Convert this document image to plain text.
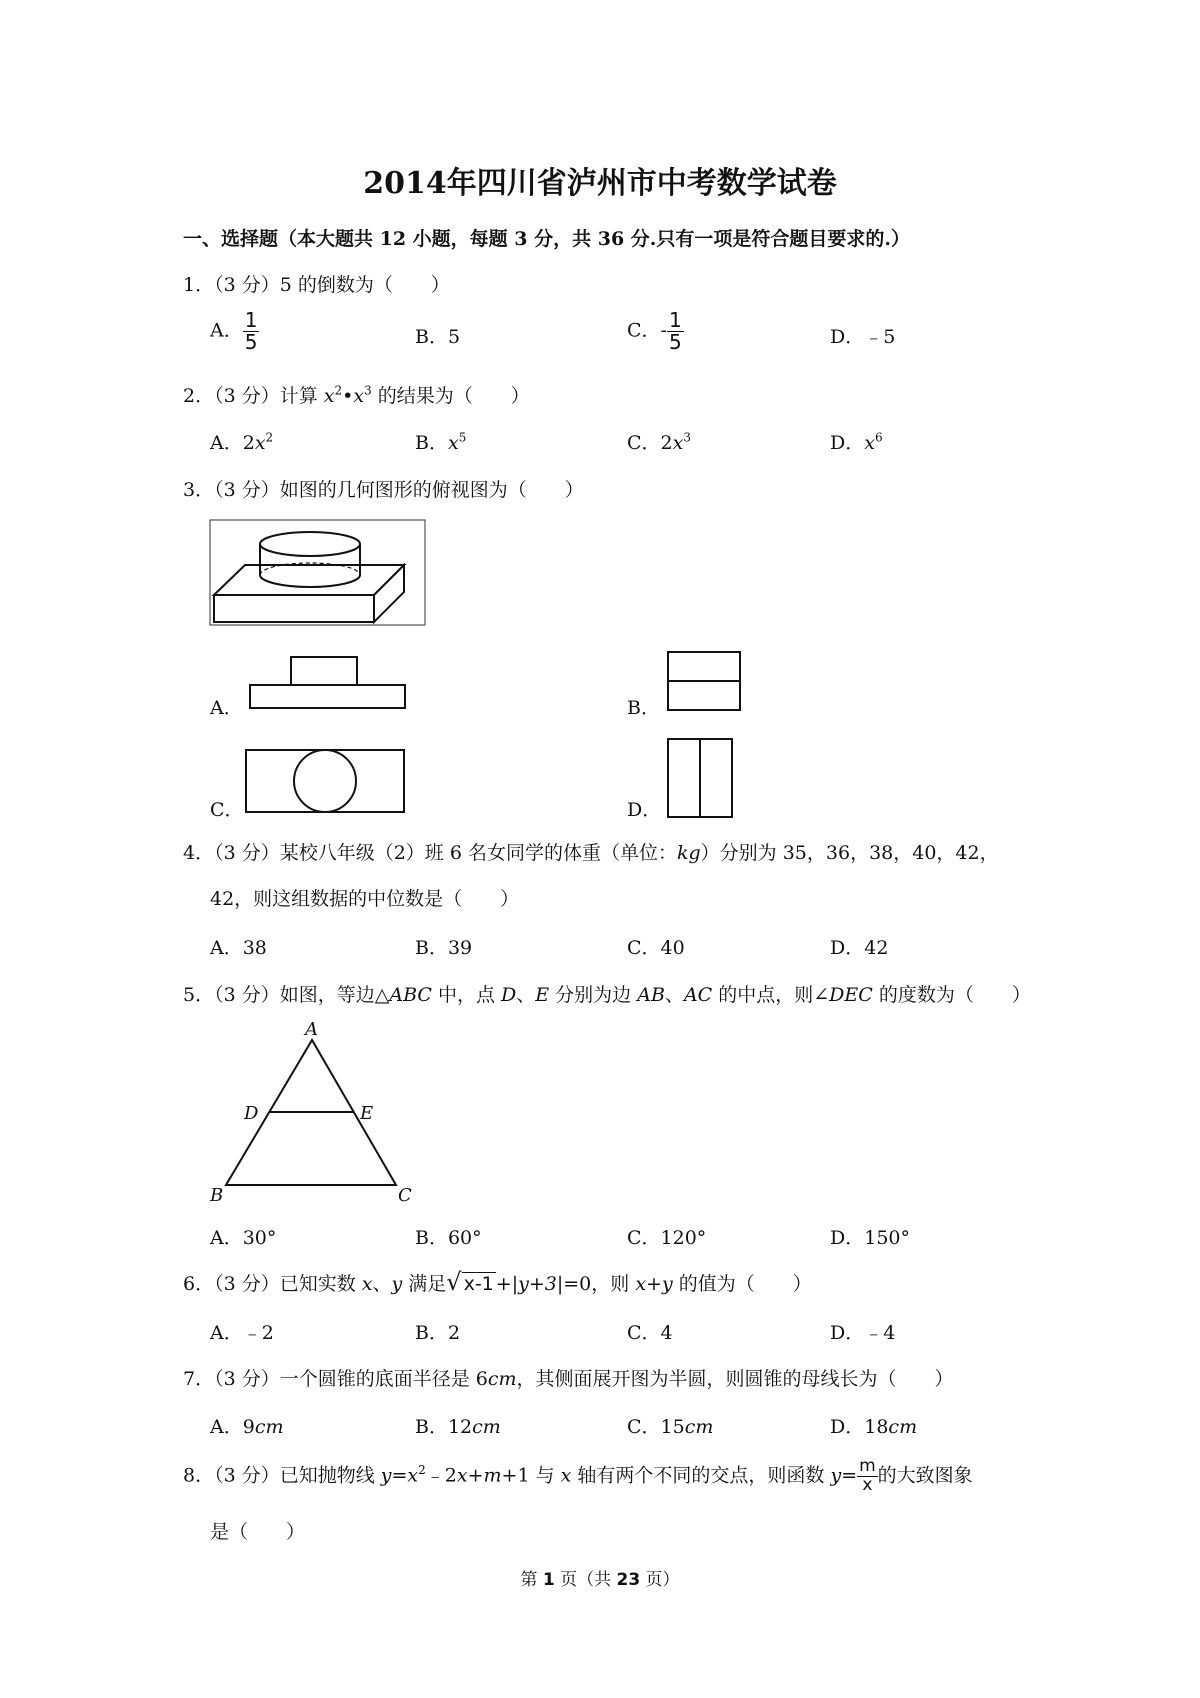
2014年四川省泸州市中考数学试卷
一、选择题（本大题共 12 小题，每题 3 分，共 36 分.只有一项是符合题目要求的.）
1．（3 分）5 的倒数为（　　）
A． $\frac{1}{5}$	B．5	C．- $\frac{1}{5}$	D．﹣5
2．（3 分）计算 $x^2•x^3$ 的结果为（　　）
A．$2x^2$	B．$x^5$	C．$2x^3$	D．$x^6$
3．（3 分）如图的几何图形的俯视图为（　　）
A．	B．
C．	D．
4．（3 分）某校八年级（2）班 6 名女同学的体重（单位：kg）分别为 35，36，38，40，42，
42，则这组数据的中位数是（　　）
A．38	B．39	C．40	D．42
5．（3 分）如图，等边△ABC 中，点 D、E 分别为边 AB、AC 的中点，则∠DEC 的度数为（　　）
A
B	C
D	E
A．30°	B．60°	C．120°	D．150°
6．（3 分）已知实数 x、y 满足√ x-1 +|y+3|=0，则 x+y 的值为（　　）
A．﹣2	B．2	C．4	D．﹣4
7．（3 分）一个圆锥的底面半径是 6cm，其侧面展开图为半圆，则圆锥的母线长为（　　）
A．9cm	B．12cm	C．15cm	D．18cm
8．（3 分）已知抛物线 $y=x^2﹣2x+m+1$ 与 x 轴有两个不同的交点，则函数 $y= \frac{m}{x}$ 的大致图象
是（　　）
第 1 页（共 23 页）
